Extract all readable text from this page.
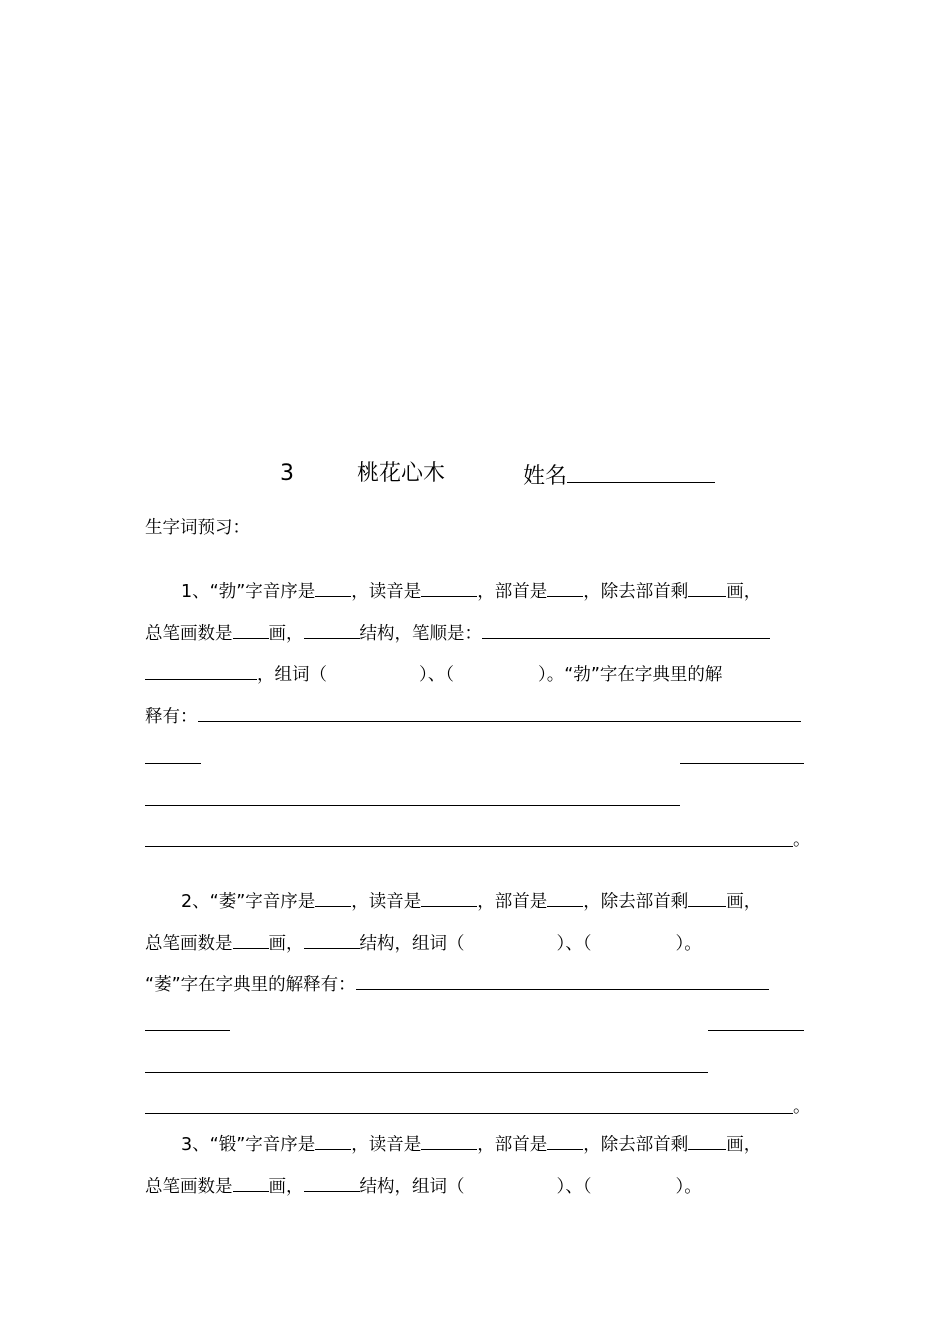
3	桃花心木	姓名
生字词预习：
1、“勃”字音序是 ，读音是	，部首是 ，除去部首剩 画，
总笔画数是 画，	结构，笔顺是：
，组词（	）、（	）。“勃”字在字典里的解
释有：
。
2、“萎”字音序是 ，读音是	，部首是 ，除去部首剩 画，
总笔画数是 画，	结构，组词（	）、（	）。
“萎”字在字典里的解释有：
。
3、“锻”字音序是 ，读音是	，部首是 ，除去部首剩 画，
总笔画数是 画，	结构，组词（	）、（	）。
